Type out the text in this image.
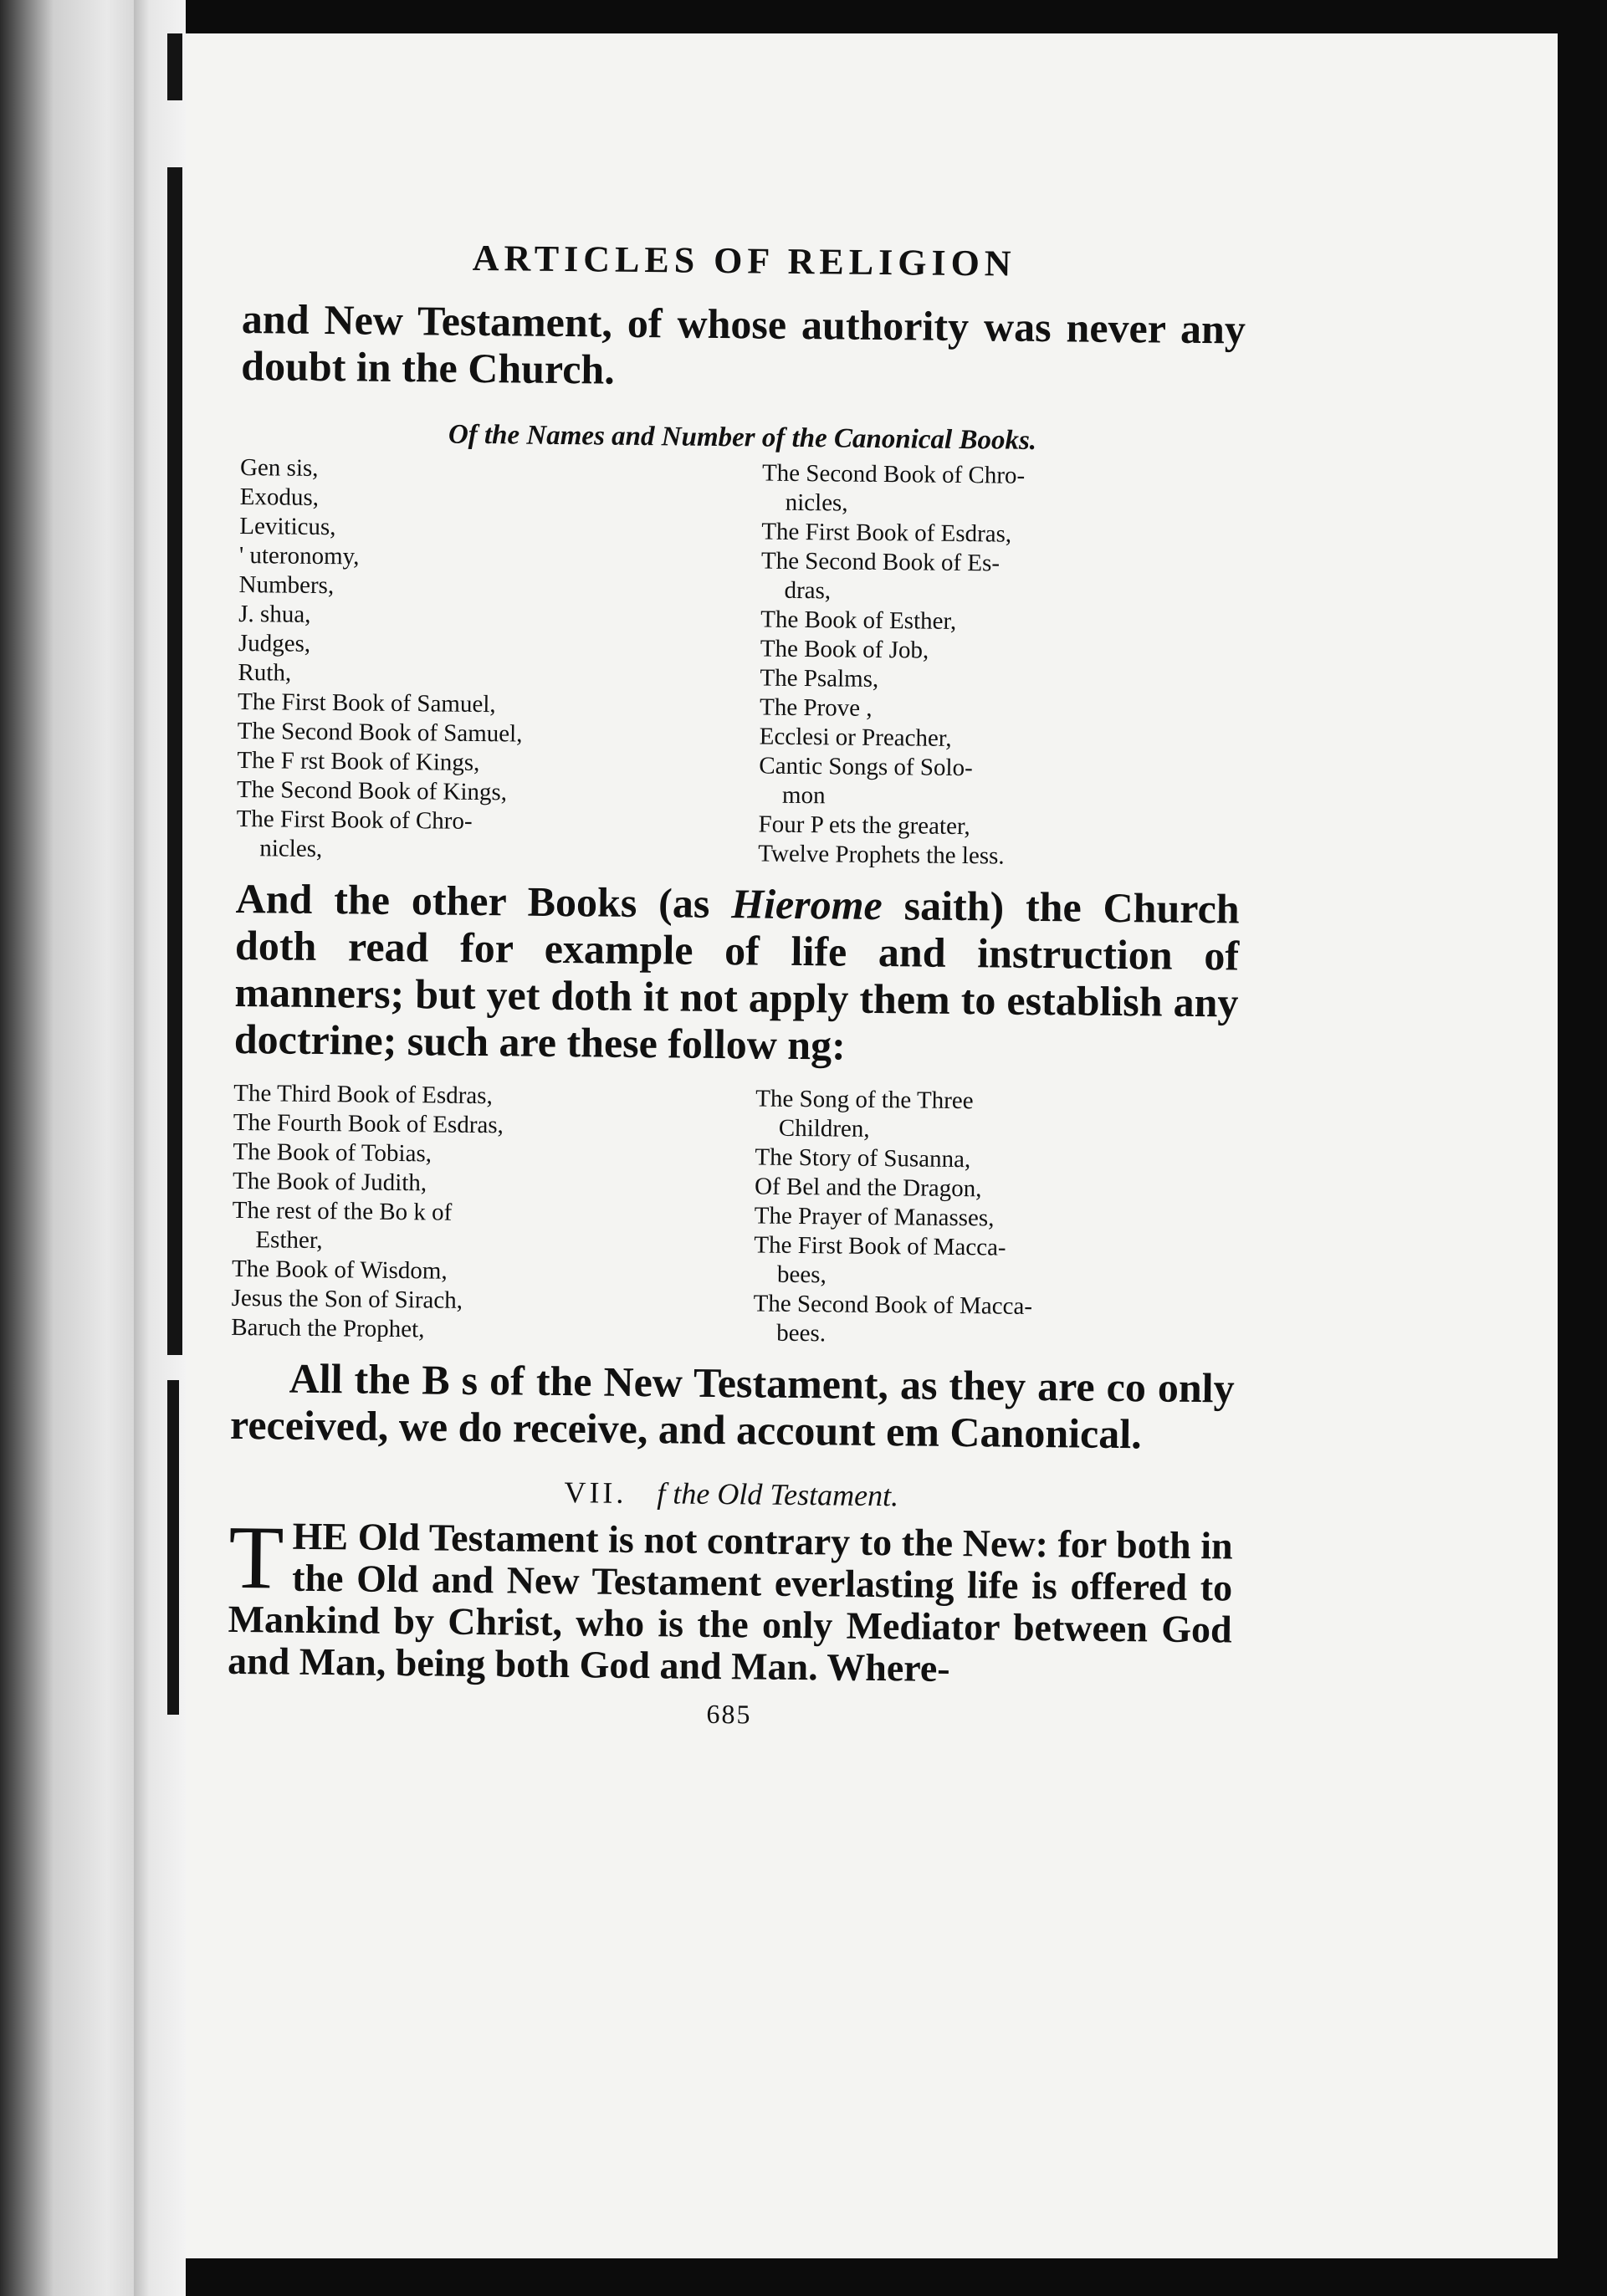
ARTICLES OF RELIGION

and New Testament, of whose authority was never any doubt in the Church.

Of the Names and Number of the Canonical Books.

Gen sis,

Exodus,

Leviticus,

' uteronomy,

Numbers,

J. shua,

Judges,

Ruth,

The First Book of Samuel,

The Second Book of Samuel,

The F rst Book of Kings,

The Second Book of Kings,

The First Book of Chro-
nicles,

The Second Book of Chro-
nicles,

The First Book of Esdras,

The Second Book of Es-
dras,

The Book of Esther,

The Book of Job,

The Psalms,

The Prove ,

Ecclesi or Preacher,

Cantic Songs of Solo-
mon

Four P ets the greater,

Twelve Prophets the less.

And the other Books (as Hierome saith) the Church doth read for example of life and instruction of manners; but yet doth it not apply them to establish any doctrine; such are these follow ng:

The Third Book of Esdras,

The Fourth Book of Esdras,

The Book of Tobias,

The Book of Judith,

The rest of the Bo k of
Esther,

The Book of Wisdom,

Jesus the Son of Sirach,

Baruch the Prophet,

The Song of the Three
Children,

The Story of Susanna,

Of Bel and the Dragon,

The Prayer of Manasses,

The First Book of Macca-
bees,

The Second Book of Macca-
bees.

All the B s of the New Testament, as they are co only received, we do receive, and account em Canonical.

VII. f the Old Testament.

THE Old Testament is not contrary to the New: for both in the Old and New Testament everlasting life is offered to Mankind by Christ, who is the only Mediator between God and Man, being both God and Man. Where-

685
